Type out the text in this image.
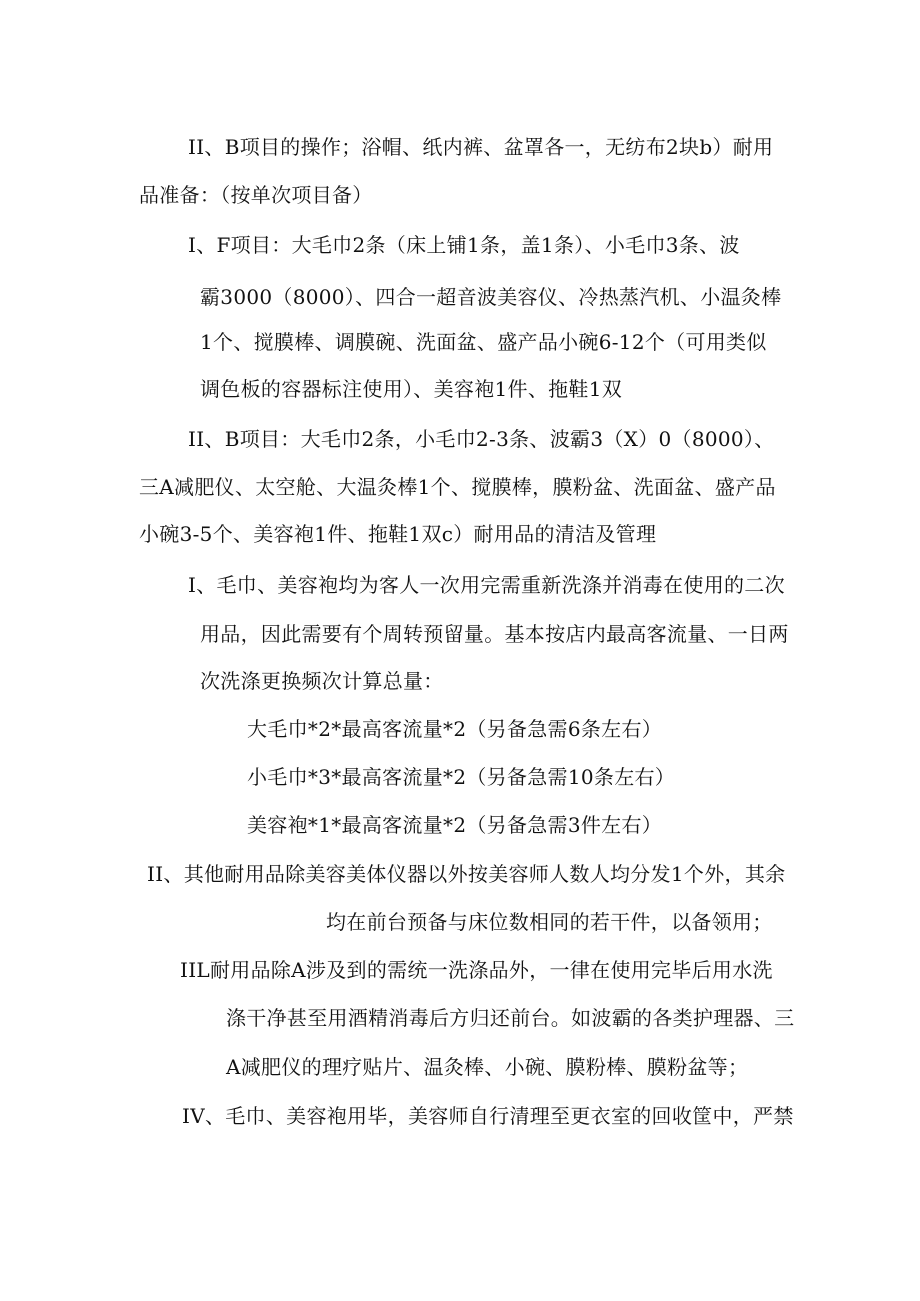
II、B项目的操作；浴帽、纸内裤、盆罩各一，无纺布2块b）耐用
品准备：（按单次项目备）
I、F项目：大毛巾2条（床上铺1条，盖1条）、小毛巾3条、波
霸3000（8000）、四合一超音波美容仪、冷热蒸汽机、小温灸棒
1个、搅膜棒、调膜碗、洗面盆、盛产品小碗6-12个（可用类似
调色板的容器标注使用）、美容袍1件、拖鞋1双
II、B项目：大毛巾2条，小毛巾2-3条、波霸3（X）0（8000）、
三A减肥仪、太空舱、大温灸棒1个、搅膜棒，膜粉盆、洗面盆、盛产品
小碗3-5个、美容袍1件、拖鞋1双c）耐用品的清洁及管理
I、毛巾、美容袍均为客人一次用完需重新洗涤并消毒在使用的二次
用品，因此需要有个周转预留量。基本按店内最高客流量、一日两
次洗涤更换频次计算总量：
大毛巾*2*最高客流量*2（另备急需6条左右）
小毛巾*3*最高客流量*2（另备急需10条左右）
美容袍*1*最高客流量*2（另备急需3件左右）
II、其他耐用品除美容美体仪器以外按美容师人数人均分发1个外，其余
均在前台预备与床位数相同的若干件，以备领用；
IIL耐用品除A涉及到的需统一洗涤品外，一律在使用完毕后用水洗
涤干净甚至用酒精消毒后方归还前台。如波霸的各类护理器、三
A减肥仪的理疗贴片、温灸棒、小碗、膜粉棒、膜粉盆等；
IV、毛巾、美容袍用毕，美容师自行清理至更衣室的回收筐中，严禁
